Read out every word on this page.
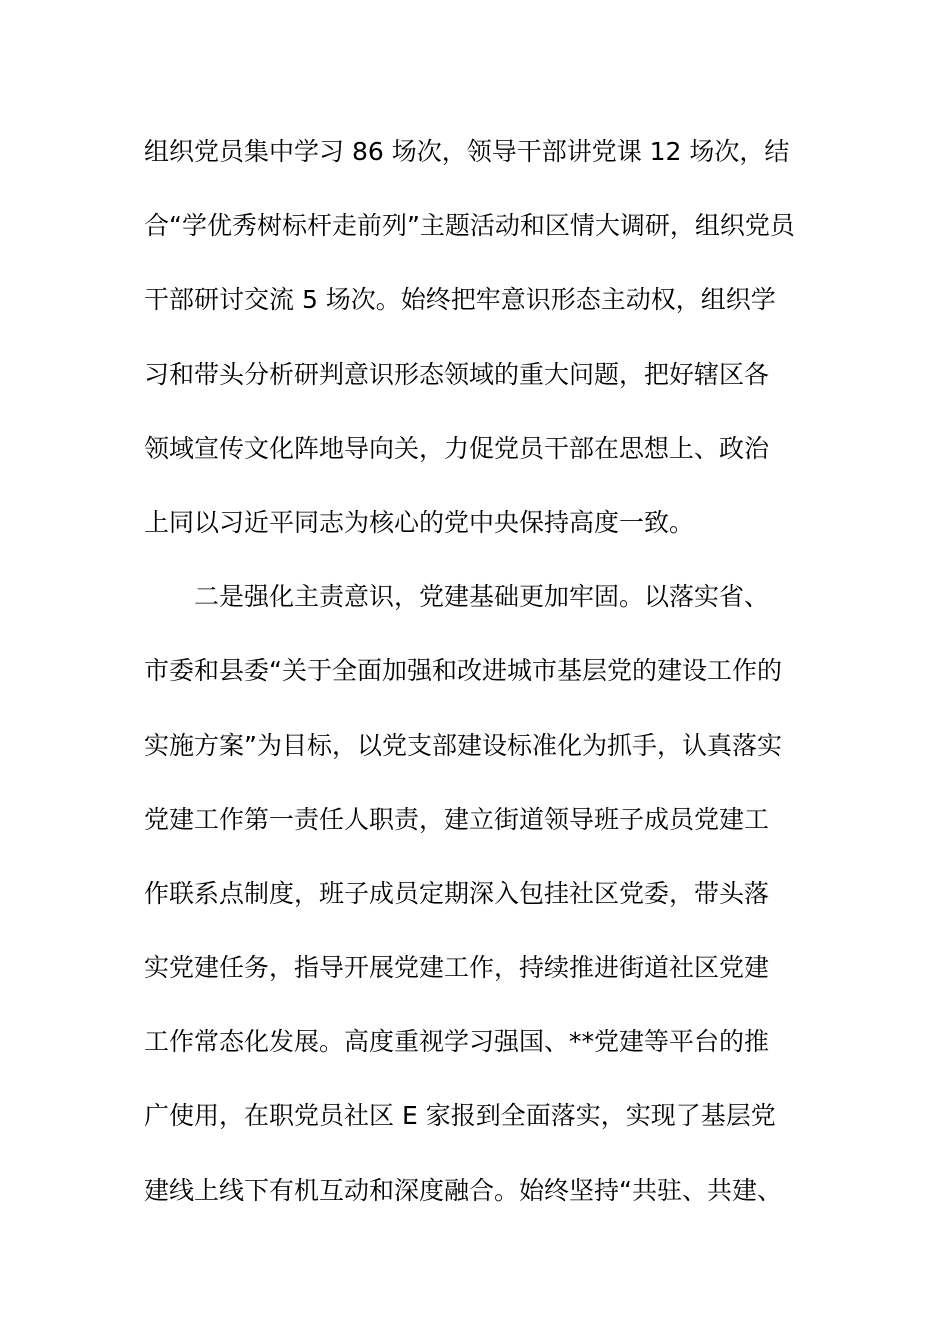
组织党员集中学习 86 场次，领导干部讲党课 12 场次，结
合“学优秀树标杆走前列”主题活动和区情大调研，组织党员
干部研讨交流 5 场次。始终把牢意识形态主动权，组织学
习和带头分析研判意识形态领域的重大问题，把好辖区各
领域宣传文化阵地导向关，力促党员干部在思想上、政治
上同以习近平同志为核心的党中央保持高度一致。
二是强化主责意识，党建基础更加牢固。以落实省、
市委和县委“关于全面加强和改进城市基层党的建设工作的
实施方案”为目标，以党支部建设标准化为抓手，认真落实
党建工作第一责任人职责，建立街道领导班子成员党建工
作联系点制度，班子成员定期深入包挂社区党委，带头落
实党建任务，指导开展党建工作，持续推进街道社区党建
工作常态化发展。高度重视学习强国、**党建等平台的推
广使用，在职党员社区 E 家报到全面落实，实现了基层党
建线上线下有机互动和深度融合。始终坚持“共驻、共建、
